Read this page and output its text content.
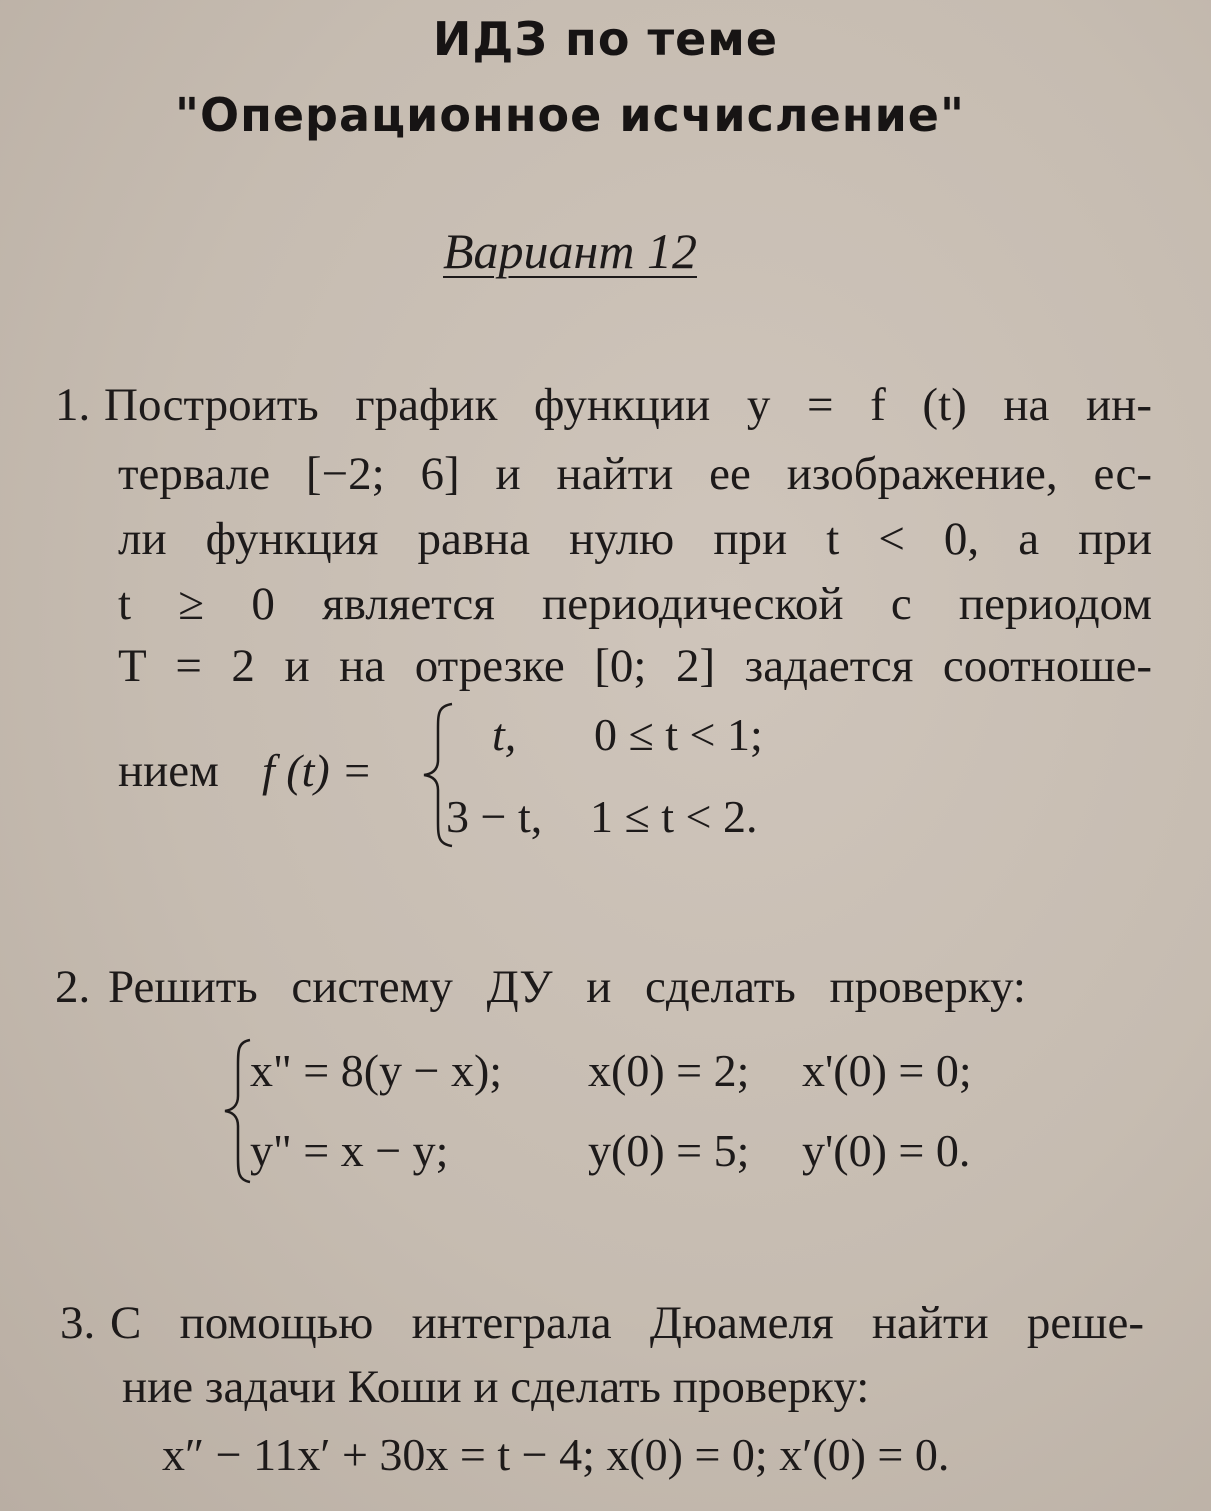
ИДЗ по теме
"Операционное исчисление"
Вариант 12
1. Построить график функции y = f (t) на ин-
тервале [−2; 6] и найти ее изображение, ес-
ли функция равна нулю при t < 0, а при
t ≥ 0 является периодической с периодом
T = 2 и на отрезке [0; 2] задается соотноше-
нием f (t) =
t, 0 ≤ t < 1;
3 − t, 1 ≤ t < 2.
2. Решить систему ДУ и сделать проверку:
x" = 8(y − x); x(0) = 2; x'(0) = 0;
y" = x − y;	y(0) = 5; y'(0) = 0.
3. С помощью интеграла Дюамеля найти реше-
ние задачи Коши и сделать проверку:
x″ − 11x′ + 30x = t − 4; x(0) = 0; x′(0) = 0.
